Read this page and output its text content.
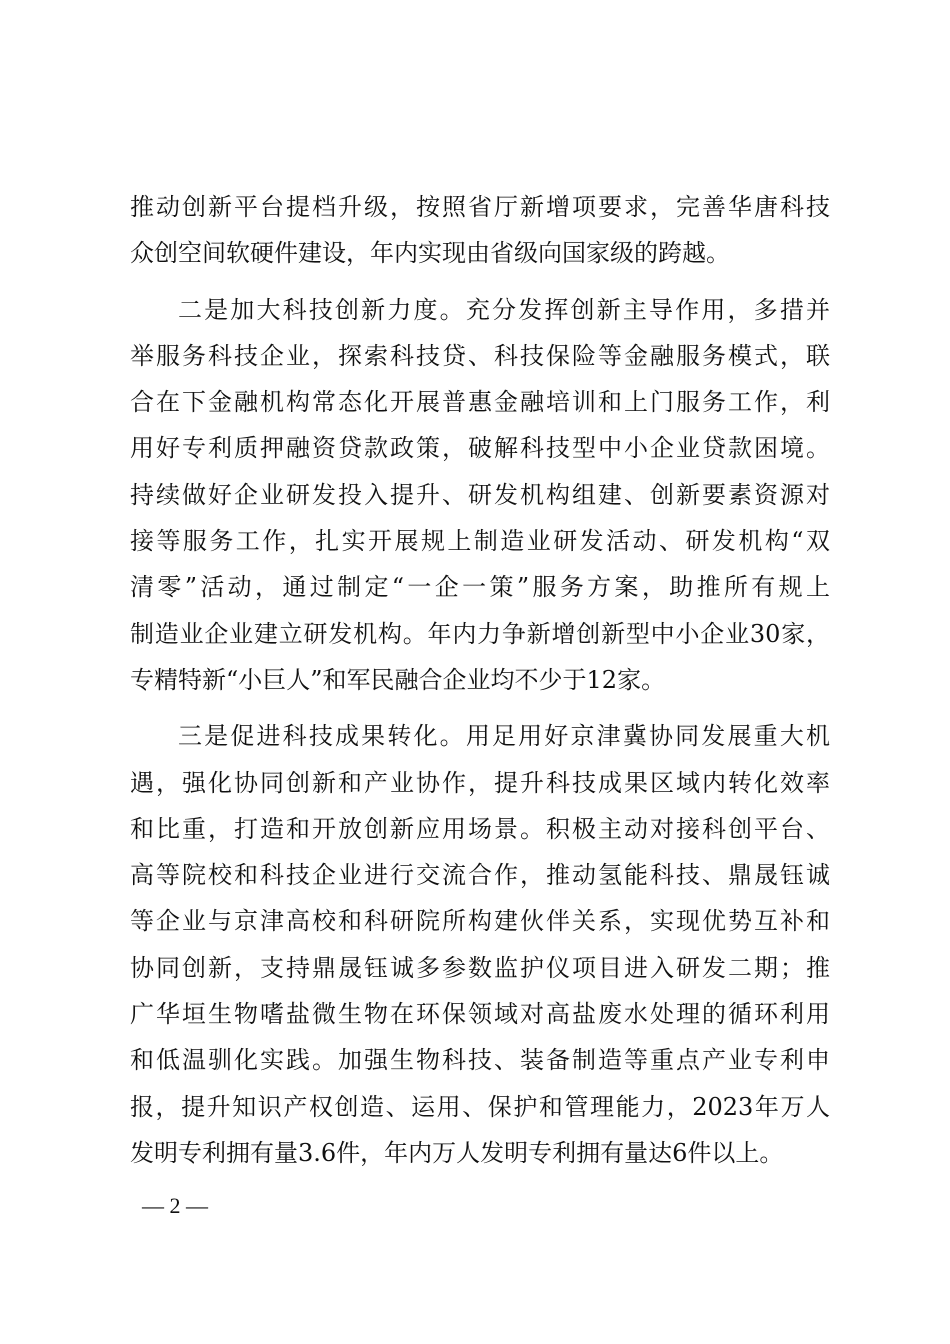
推动创新平台提档升级，按照省厅新增项要求，完善华唐科技
众创空间软硬件建设，年内实现由省级向国家级的跨越。
二是加大科技创新力度。充分发挥创新主导作用，多措并
举服务科技企业，探索科技贷、科技保险等金融服务模式，联
合在下金融机构常态化开展普惠金融培训和上门服务工作，利
用好专利质押融资贷款政策，破解科技型中小企业贷款困境。
持续做好企业研发投入提升、研发机构组建、创新要素资源对
接等服务工作，扎实开展规上制造业研发活动、研发机构“双
清零”活动，通过制定“一企一策”服务方案，助推所有规上
制造业企业建立研发机构。年内力争新增创新型中小企业30家，
专精特新“小巨人”和军民融合企业均不少于12家。
三是促进科技成果转化。用足用好京津冀协同发展重大机
遇，强化协同创新和产业协作，提升科技成果区域内转化效率
和比重，打造和开放创新应用场景。积极主动对接科创平台、
高等院校和科技企业进行交流合作，推动氢能科技、鼎晟钰诚
等企业与京津高校和科研院所构建伙伴关系，实现优势互补和
协同创新，支持鼎晟钰诚多参数监护仪项目进入研发二期；推
广华垣生物嗜盐微生物在环保领域对高盐废水处理的循环利用
和低温驯化实践。加强生物科技、装备制造等重点产业专利申
报，提升知识产权创造、运用、保护和管理能力，2023年万人
发明专利拥有量3.6件，年内万人发明专利拥有量达6件以上。
— 2 —
